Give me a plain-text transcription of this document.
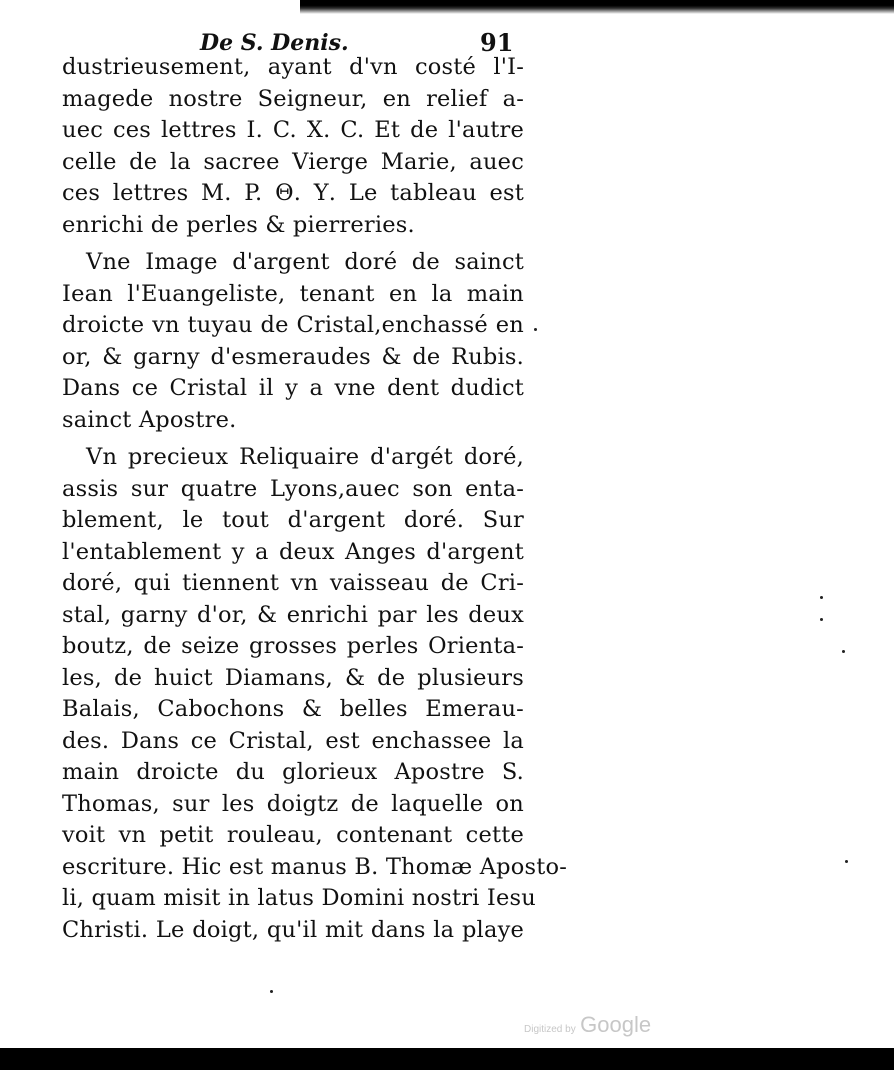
De S. Denis.	91
dustrieusement, ayant d'vn costé l'I-
magede nostre Seigneur, en relief a-
uec ces lettres I. C. X. C. Et de l'autre
celle de la sacree Vierge Marie, auec
ces lettres M. P. Θ. Υ. Le tableau est
enrichi de perles & pierreries.
Vne Image d'argent doré de sainct
Iean l'Euangeliste, tenant en la main
droicte vn tuyau de Cristal,enchassé en
or, & garny d'esmeraudes & de Rubis.
Dans ce Cristal il y a vne dent dudict
sainct Apostre.
Vn precieux Reliquaire d'argét doré,
assis sur quatre Lyons,auec son enta-
blement, le tout d'argent doré. Sur
l'entablement y a deux Anges d'argent
doré, qui tiennent vn vaisseau de Cri-
stal, garny d'or, & enrichi par les deux
boutz, de seize grosses perles Orienta-
les, de huict Diamans, & de plusieurs
Balais, Cabochons & belles Emerau-
des. Dans ce Cristal, est enchassee la
main droicte du glorieux Apostre S.
Thomas, sur les doigtz de laquelle on
voit vn petit rouleau, contenant cette
escriture. Hic est manus B. Thomæ Aposto-
li, quam misit in latus Domini nostri Iesu
Christi. Le doigt, qu'il mit dans la playe
Digitized by Google
